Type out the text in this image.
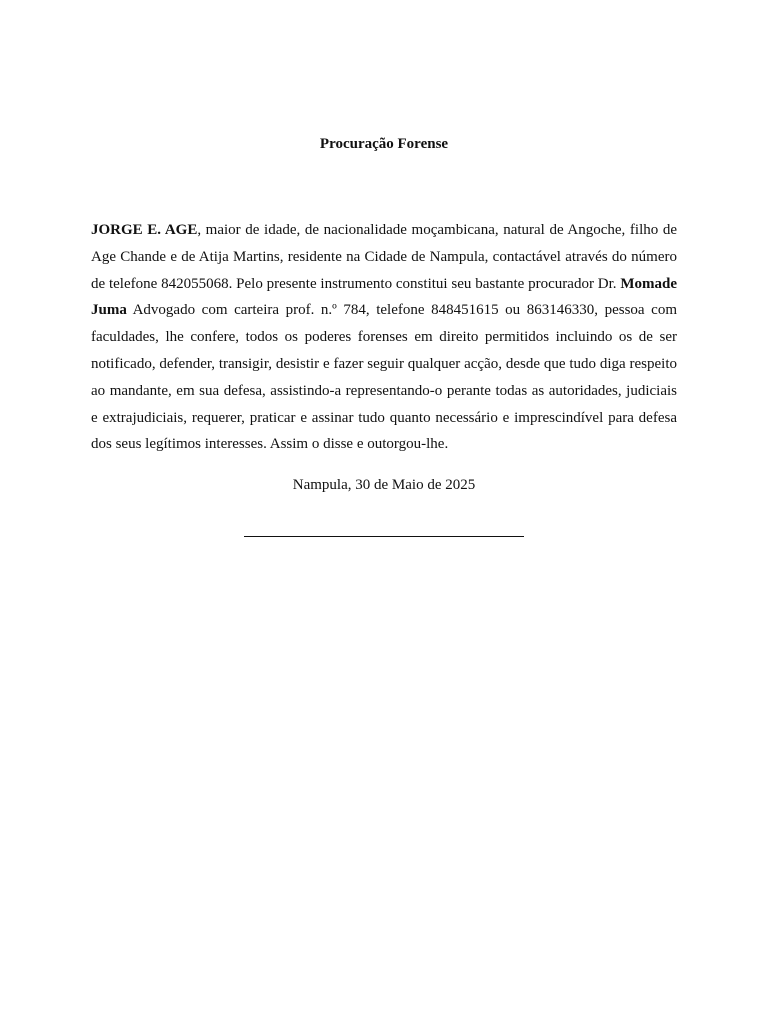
Procuração Forense

JORGE E. AGE, maior de idade, de nacionalidade moçambicana, natural de Angoche, filho de Age Chande e de Atija Martins, residente na Cidade de Nampula, contactável através do número de telefone 842055068. Pelo presente instrumento constitui seu bastante procurador Dr. Momade Juma Advogado com carteira prof. n.º 784, telefone 848451615 ou 863146330, pessoa com faculdades, lhe confere, todos os poderes forenses em direito permitidos incluindo os de ser notificado, defender, transigir, desistir e fazer seguir qualquer acção, desde que tudo diga respeito ao mandante, em sua defesa, assistindo-a representando-o perante todas as autoridades, judiciais e extrajudiciais, requerer, praticar e assinar tudo quanto necessário e imprescindível para defesa dos seus legítimos interesses. Assim o disse e outorgou-lhe.

Nampula, 30 de Maio de 2025
